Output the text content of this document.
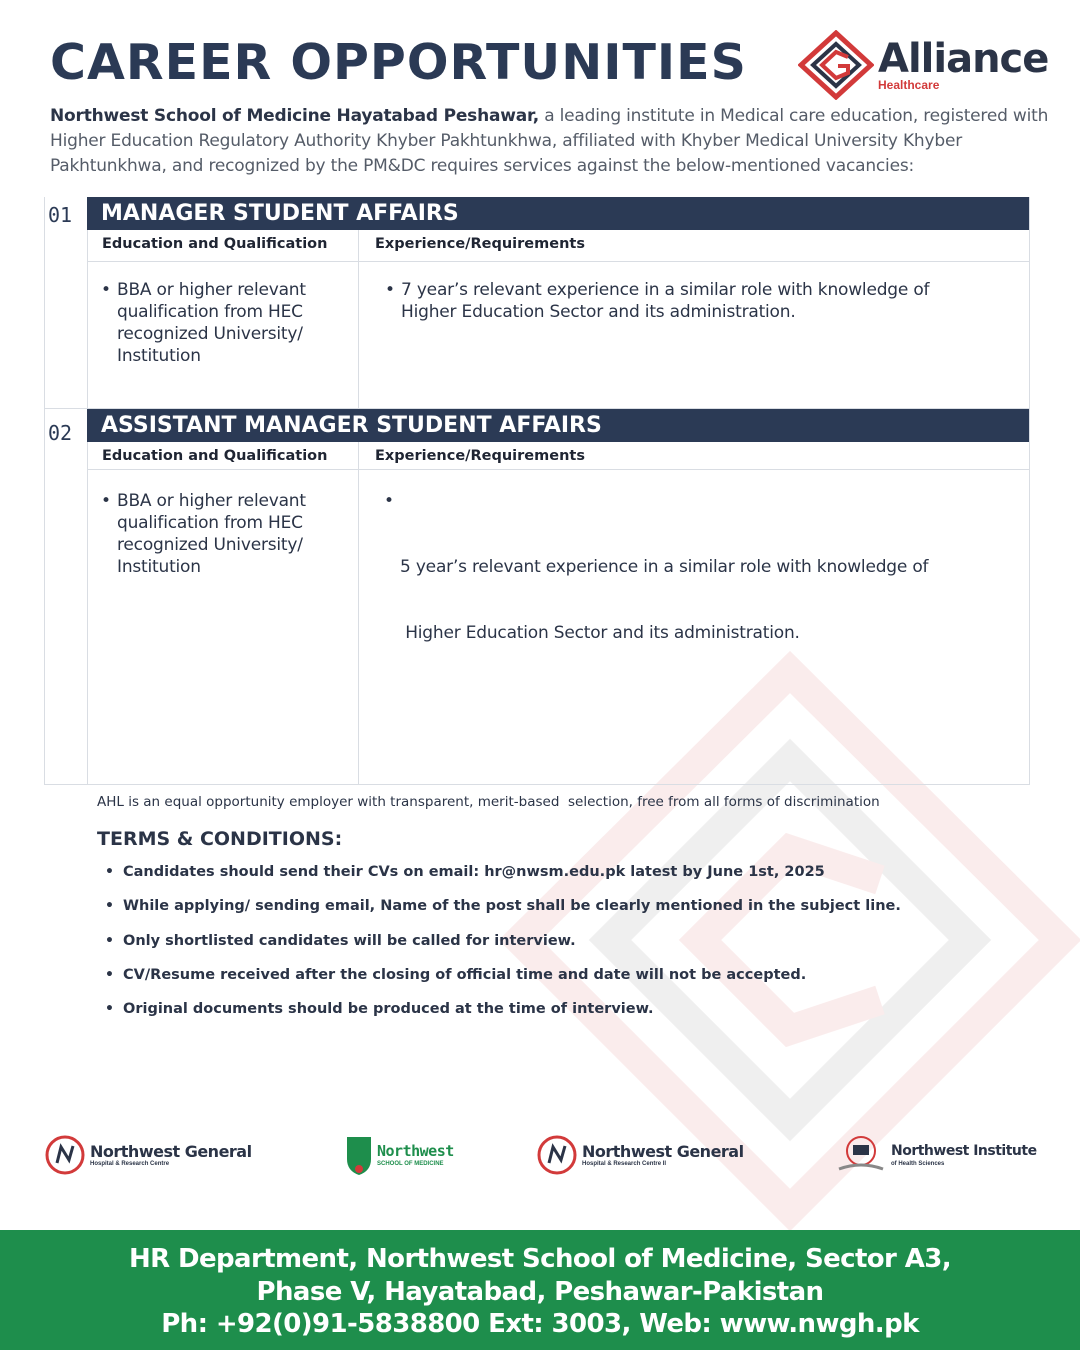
CAREER OPPORTUNITIES	Alliance
Healthcare
Northwest School of Medicine Hayatabad Peshawar, a leading institute in Medical care education, registered with Higher Education Regulatory Authority Khyber Pakhtunkhwa, affiliated with Khyber Medical University Khyber Pakhtunkhwa, and recognized by the PM&DC requires services against the below-mentioned vacancies:
01	MANAGER STUDENT AFFAIRS
Education and Qualification	Experience/Requirements
• BBA or higher relevant
qualification from HEC
recognized University/
Institution
• 7 year’s relevant experience in a similar role with knowledge of
Higher Education Sector and its administration.
02	ASSISTANT MANAGER STUDENT AFFAIRS
Education and Qualification	Experience/Requirements
• BBA or higher relevant
qualification from HEC
recognized University/
Institution

•

5 year’s relevant experience in a similar role with knowledge of

Higher Education Sector and its administration.

AHL is an equal opportunity employer with transparent, merit-based  selection, free from all forms of discrimination
TERMS & CONDITIONS:
• Candidates should send their CVs on email: hr@nwsm.edu.pk latest by June 1st, 2025
• While applying/ sending email, Name of the post shall be clearly mentioned in the subject line.
• Only shortlisted candidates will be called for interview.
• CV/Resume received after the closing of official time and date will not be accepted.
• Original documents should be produced at the time of interview.
Northwest General
Hospital & Research Centre
Northwest
SCHOOL OF MEDICINE
Northwest General
Hospital & Research Centre II
Northwest Institute
of Health Sciences
HR Department, Northwest School of Medicine, Sector A3,
Phase V, Hayatabad, Peshawar-Pakistan
Ph: +92(0)91-5838800 Ext: 3003, Web: www.nwgh.pk
